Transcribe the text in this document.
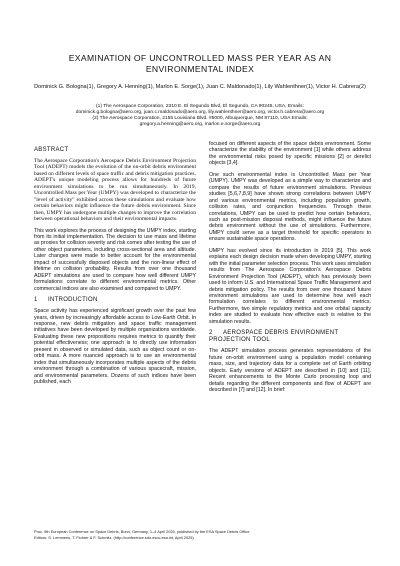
EXAMINATION OF UNCONTROLLED MASS PER YEAR AS AN ENVIRONMENTAL INDEX
Dominick G. Bologna(1), Gregory A. Henning(1), Marlon E. Sorge(1), Juan C. Maldonado(1), Lily Wahlenthner(1), Victor H. Cabrera(2)

(1) The Aerospace Corporation, 2310 E. El Segundo Blvd, El Segundo, CA 90245, USA, Emails:

dominick.g.bologna@aero.org, juan.c.maldonado@aero.org, lily.wahlenthner@aero.org, victor.h.cabrera@aero.org

(2) The Aerospace Corporation, 2155 Louisiana Blvd. #5000, Albuquerque, NM 87110, USA Emails:

gregory.a.henning@aero.org, marlon.e.sorge@aero.org

ABSTRACT

The Aerospace Corporation's Aerospace Debris Environment Projection Tool (ADEPT) models the evolution of the on-orbit debris environment based on different levels of space traffic and debris mitigation practices. ADEPT's unique modeling process allows for hundreds of future environment simulations to be run simultaneously. In 2019, Uncontrolled Mass per Year (UMPY) was developed to characterize the "level of activity" exhibited across these simulations and evaluate how certain behaviors might influence the future debris environment. Since then, UMPY has undergone multiple changes to improve the correlation between operational behaviors and their environmental impacts.

This work explores the process of designing the UMPY index, starting from its initial implementation. The decision to use mass and lifetime as proxies for collision severity and risk comes after testing the use of other object parameters, including cross-sectional area and altitude. Later changes were made to better account for the environmental impact of successfully disposed objects and the non-linear effect of lifetime on collision probability. Results from over one thousand ADEPT simulations are used to compare how well different UMPY formulations correlate to different environmental metrics. Other commercial indices are also examined and compared to UMPY.

1 INTRODUCTION

Space activity has experienced significant growth over the past few years, driven by increasingly affordable access to Low-Earth Orbit. In response, new debris mitigation and space traffic management initiatives have been developed by multiple organizations worldwide. Evaluating these new propositions requires metrics to quantify their potential effectiveness; one approach is to directly use information present in observed or simulated data, such as object count or on-orbit mass. A more nuanced approach is to use an environmental index that simultaneously incorporates multiple aspects of the debris environment through a combination of various spacecraft, mission, and environmental parameters. Dozens of such indices have been published, each

focused on different aspects of the space debris environment. Some characterize the stability of the environment [1] while others address the environmental risks posed by specific missions [2] or derelict objects [3,4].

One such environmental index is Uncontrolled Mass per Year (UMPY). UMPY was developed as a simple way to characterize and compare the results of future environment simulations. Previous studies [5,6,7,8,9] have shown strong correlations between UMPY and various environmental metrics, including population growth, collision rates, and conjunction frequencies. Through these correlations, UMPY can be used to predict how certain behaviors, such as post-mission disposal methods, might influence the future debris environment without the use of simulations. Furthermore, UMPY could serve as a target threshold for specific operators to ensure sustainable space operations.

UMPY has evolved since its introduction in 2019 [5]. This work explains each design decision made when developing UMPY, starting with the initial parameter selection process. This work uses simulation results from The Aerospace Corporation's Aerospace Debris Environment Projection Tool (ADEPT), which has previously been used to inform U.S. and International Space Traffic Management and debris mitigation policy. The results from over one thousand future environment simulations are used to determine how well each formulation correlates to different environmental metrics. Furthermore, two simple regulatory metrics and one orbital capacity index are studied to evaluate how effective each is relative to the simulation results.

2 AEROSPACE DEBRIS ENVIRONMENT PROJECTION TOOL

The ADEPT simulation process generates representations of the future on-orbit environment using a population model containing mass, size, and trajectory data for a complete set of Earth orbiting objects. Early versions of ADEPT are described in [10] and [11]. Recent enhancements to the Monte Carlo processing loop and details regarding the different components and flow of ADEPT are described in [7] and [12]. In brief:

Proc. 9th European Conference on Space Debris, Bonn, Germany, 1–4 April 2025, published by the ESA Space Debris Office
Editors: S. Lemmens, T. Flohrer & F. Schmitz, (http://conference.sdo.esoc.esa.int, April 2025)
